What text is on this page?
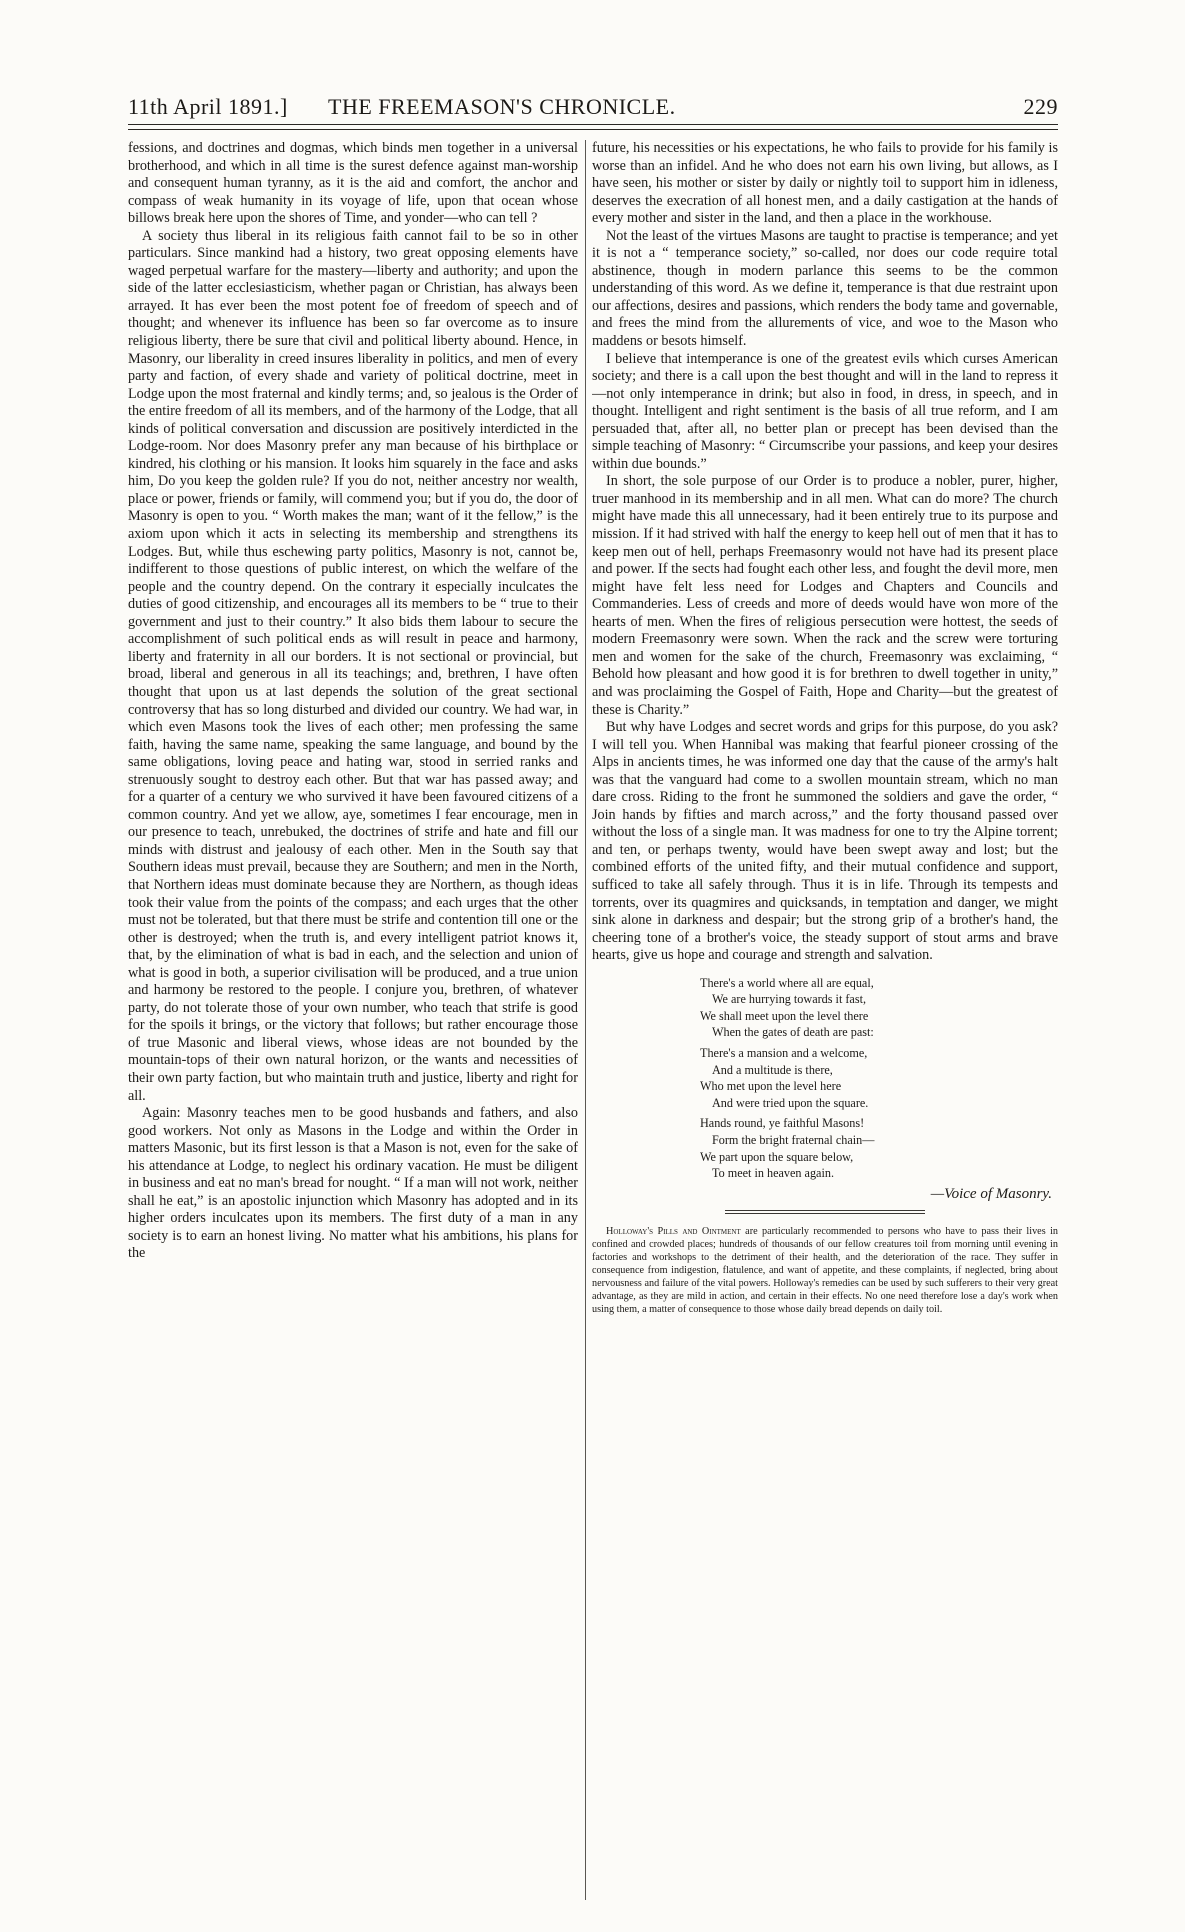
11th April 1891.] THE FREEMASON'S CHRONICLE.	229

fessions, and doctrines and dogmas, which binds men together in a universal brotherhood, and which in all time is the surest defence against man-worship and consequent human tyranny, as it is the aid and comfort, the anchor and compass of weak humanity in its voyage of life, upon that ocean whose billows break here upon the shores of Time, and yonder—who can tell ?

A society thus liberal in its religious faith cannot fail to be so in other particulars. Since mankind had a history, two great opposing elements have waged perpetual warfare for the mastery—liberty and authority; and upon the side of the latter ecclesiasticism, whether pagan or Christian, has always been arrayed. It has ever been the most potent foe of freedom of speech and of thought; and whenever its influence has been so far overcome as to insure religious liberty, there be sure that civil and political liberty abound. Hence, in Masonry, our liberality in creed insures liberality in politics, and men of every party and faction, of every shade and variety of political doctrine, meet in Lodge upon the most fraternal and kindly terms; and, so jealous is the Order of the entire freedom of all its members, and of the harmony of the Lodge, that all kinds of political conversation and discussion are positively interdicted in the Lodge-room. Nor does Masonry prefer any man because of his birthplace or kindred, his clothing or his mansion. It looks him squarely in the face and asks him, Do you keep the golden rule? If you do not, neither ancestry nor wealth, place or power, friends or family, will commend you; but if you do, the door of Masonry is open to you. “ Worth makes the man; want of it the fellow,” is the axiom upon which it acts in selecting its membership and strengthens its Lodges. But, while thus eschewing party politics, Masonry is not, cannot be, indifferent to those questions of public interest, on which the welfare of the people and the country depend. On the contrary it especially inculcates the duties of good citizenship, and encourages all its members to be “ true to their government and just to their country.” It also bids them labour to secure the accomplishment of such political ends as will result in peace and harmony, liberty and fraternity in all our borders. It is not sectional or provincial, but broad, liberal and generous in all its teachings; and, brethren, I have often thought that upon us at last depends the solution of the great sectional controversy that has so long disturbed and divided our country. We had war, in which even Masons took the lives of each other; men professing the same faith, having the same name, speaking the same language, and bound by the same obligations, loving peace and hating war, stood in serried ranks and strenuously sought to destroy each other. But that war has passed away; and for a quarter of a century we who survived it have been favoured citizens of a common country. And yet we allow, aye, sometimes I fear encourage, men in our presence to teach, unrebuked, the doctrines of strife and hate and fill our minds with distrust and jealousy of each other. Men in the South say that Southern ideas must prevail, because they are Southern; and men in the North, that Northern ideas must dominate because they are Northern, as though ideas took their value from the points of the compass; and each urges that the other must not be tolerated, but that there must be strife and contention till one or the other is destroyed; when the truth is, and every intelligent patriot knows it, that, by the elimination of what is bad in each, and the selection and union of what is good in both, a superior civilisation will be produced, and a true union and harmony be restored to the people. I conjure you, brethren, of whatever party, do not tolerate those of your own number, who teach that strife is good for the spoils it brings, or the victory that follows; but rather encourage those of true Masonic and liberal views, whose ideas are not bounded by the mountain-tops of their own natural horizon, or the wants and necessities of their own party faction, but who maintain truth and justice, liberty and right for all.

Again: Masonry teaches men to be good husbands and fathers, and also good workers. Not only as Masons in the Lodge and within the Order in matters Masonic, but its first lesson is that a Mason is not, even for the sake of his attendance at Lodge, to neglect his ordinary vacation. He must be diligent in business and eat no man's bread for nought. “ If a man will not work, neither shall he eat,” is an apostolic injunction which Masonry has adopted and in its higher orders inculcates upon its members. The first duty of a man in any society is to earn an honest living. No matter what his ambitions, his plans for the

future, his necessities or his expectations, he who fails to provide for his family is worse than an infidel. And he who does not earn his own living, but allows, as I have seen, his mother or sister by daily or nightly toil to support him in idleness, deserves the execration of all honest men, and a daily castigation at the hands of every mother and sister in the land, and then a place in the workhouse.

Not the least of the virtues Masons are taught to practise is temperance; and yet it is not a “ temperance society,” so-called, nor does our code require total abstinence, though in modern parlance this seems to be the common understanding of this word. As we define it, temperance is that due restraint upon our affections, desires and passions, which renders the body tame and governable, and frees the mind from the allurements of vice, and woe to the Mason who maddens or besots himself.

I believe that intemperance is one of the greatest evils which curses American society; and there is a call upon the best thought and will in the land to repress it—not only intemperance in drink; but also in food, in dress, in speech, and in thought. Intelligent and right sentiment is the basis of all true reform, and I am persuaded that, after all, no better plan or precept has been devised than the simple teaching of Masonry: “ Circumscribe your passions, and keep your desires within due bounds.”

In short, the sole purpose of our Order is to produce a nobler, purer, higher, truer manhood in its membership and in all men. What can do more? The church might have made this all unnecessary, had it been entirely true to its purpose and mission. If it had strived with half the energy to keep hell out of men that it has to keep men out of hell, perhaps Freemasonry would not have had its present place and power. If the sects had fought each other less, and fought the devil more, men might have felt less need for Lodges and Chapters and Councils and Commanderies. Less of creeds and more of deeds would have won more of the hearts of men. When the fires of religious persecution were hottest, the seeds of modern Freemasonry were sown. When the rack and the screw were torturing men and women for the sake of the church, Freemasonry was exclaiming, “ Behold how pleasant and how good it is for brethren to dwell together in unity,” and was proclaiming the Gospel of Faith, Hope and Charity—but the greatest of these is Charity.”

But why have Lodges and secret words and grips for this purpose, do you ask? I will tell you. When Hannibal was making that fearful pioneer crossing of the Alps in ancients times, he was informed one day that the cause of the army's halt was that the vanguard had come to a swollen mountain stream, which no man dare cross. Riding to the front he summoned the soldiers and gave the order, “ Join hands by fifties and march across,” and the forty thousand passed over without the loss of a single man. It was madness for one to try the Alpine torrent; and ten, or perhaps twenty, would have been swept away and lost; but the combined efforts of the united fifty, and their mutual confidence and support, sufficed to take all safely through. Thus it is in life. Through its tempests and torrents, over its quagmires and quicksands, in temptation and danger, we might sink alone in darkness and despair; but the strong grip of a brother's hand, the cheering tone of a brother's voice, the steady support of stout arms and brave hearts, give us hope and courage and strength and salvation.

There's a world where all are equal,
We are hurrying towards it fast,
We shall meet upon the level there
When the gates of death are past:
There's a mansion and a welcome,
And a multitude is there,
Who met upon the level here
And were tried upon the square.
Hands round, ye faithful Masons!
Form the bright fraternal chain—
We part upon the square below,
To meet in heaven again.
—Voice of Masonry.

Holloway's Pills and Ointment are particularly recommended to persons who have to pass their lives in confined and crowded places; hundreds of thousands of our fellow creatures toil from morning until evening in factories and workshops to the detriment of their health, and the deterioration of the race. They suffer in consequence from indigestion, flatulence, and want of appetite, and these complaints, if neglected, bring about nervousness and failure of the vital powers. Holloway's remedies can be used by such sufferers to their very great advantage, as they are mild in action, and certain in their effects. No one need therefore lose a day's work when using them, a matter of consequence to those whose daily bread depends on daily toil.
